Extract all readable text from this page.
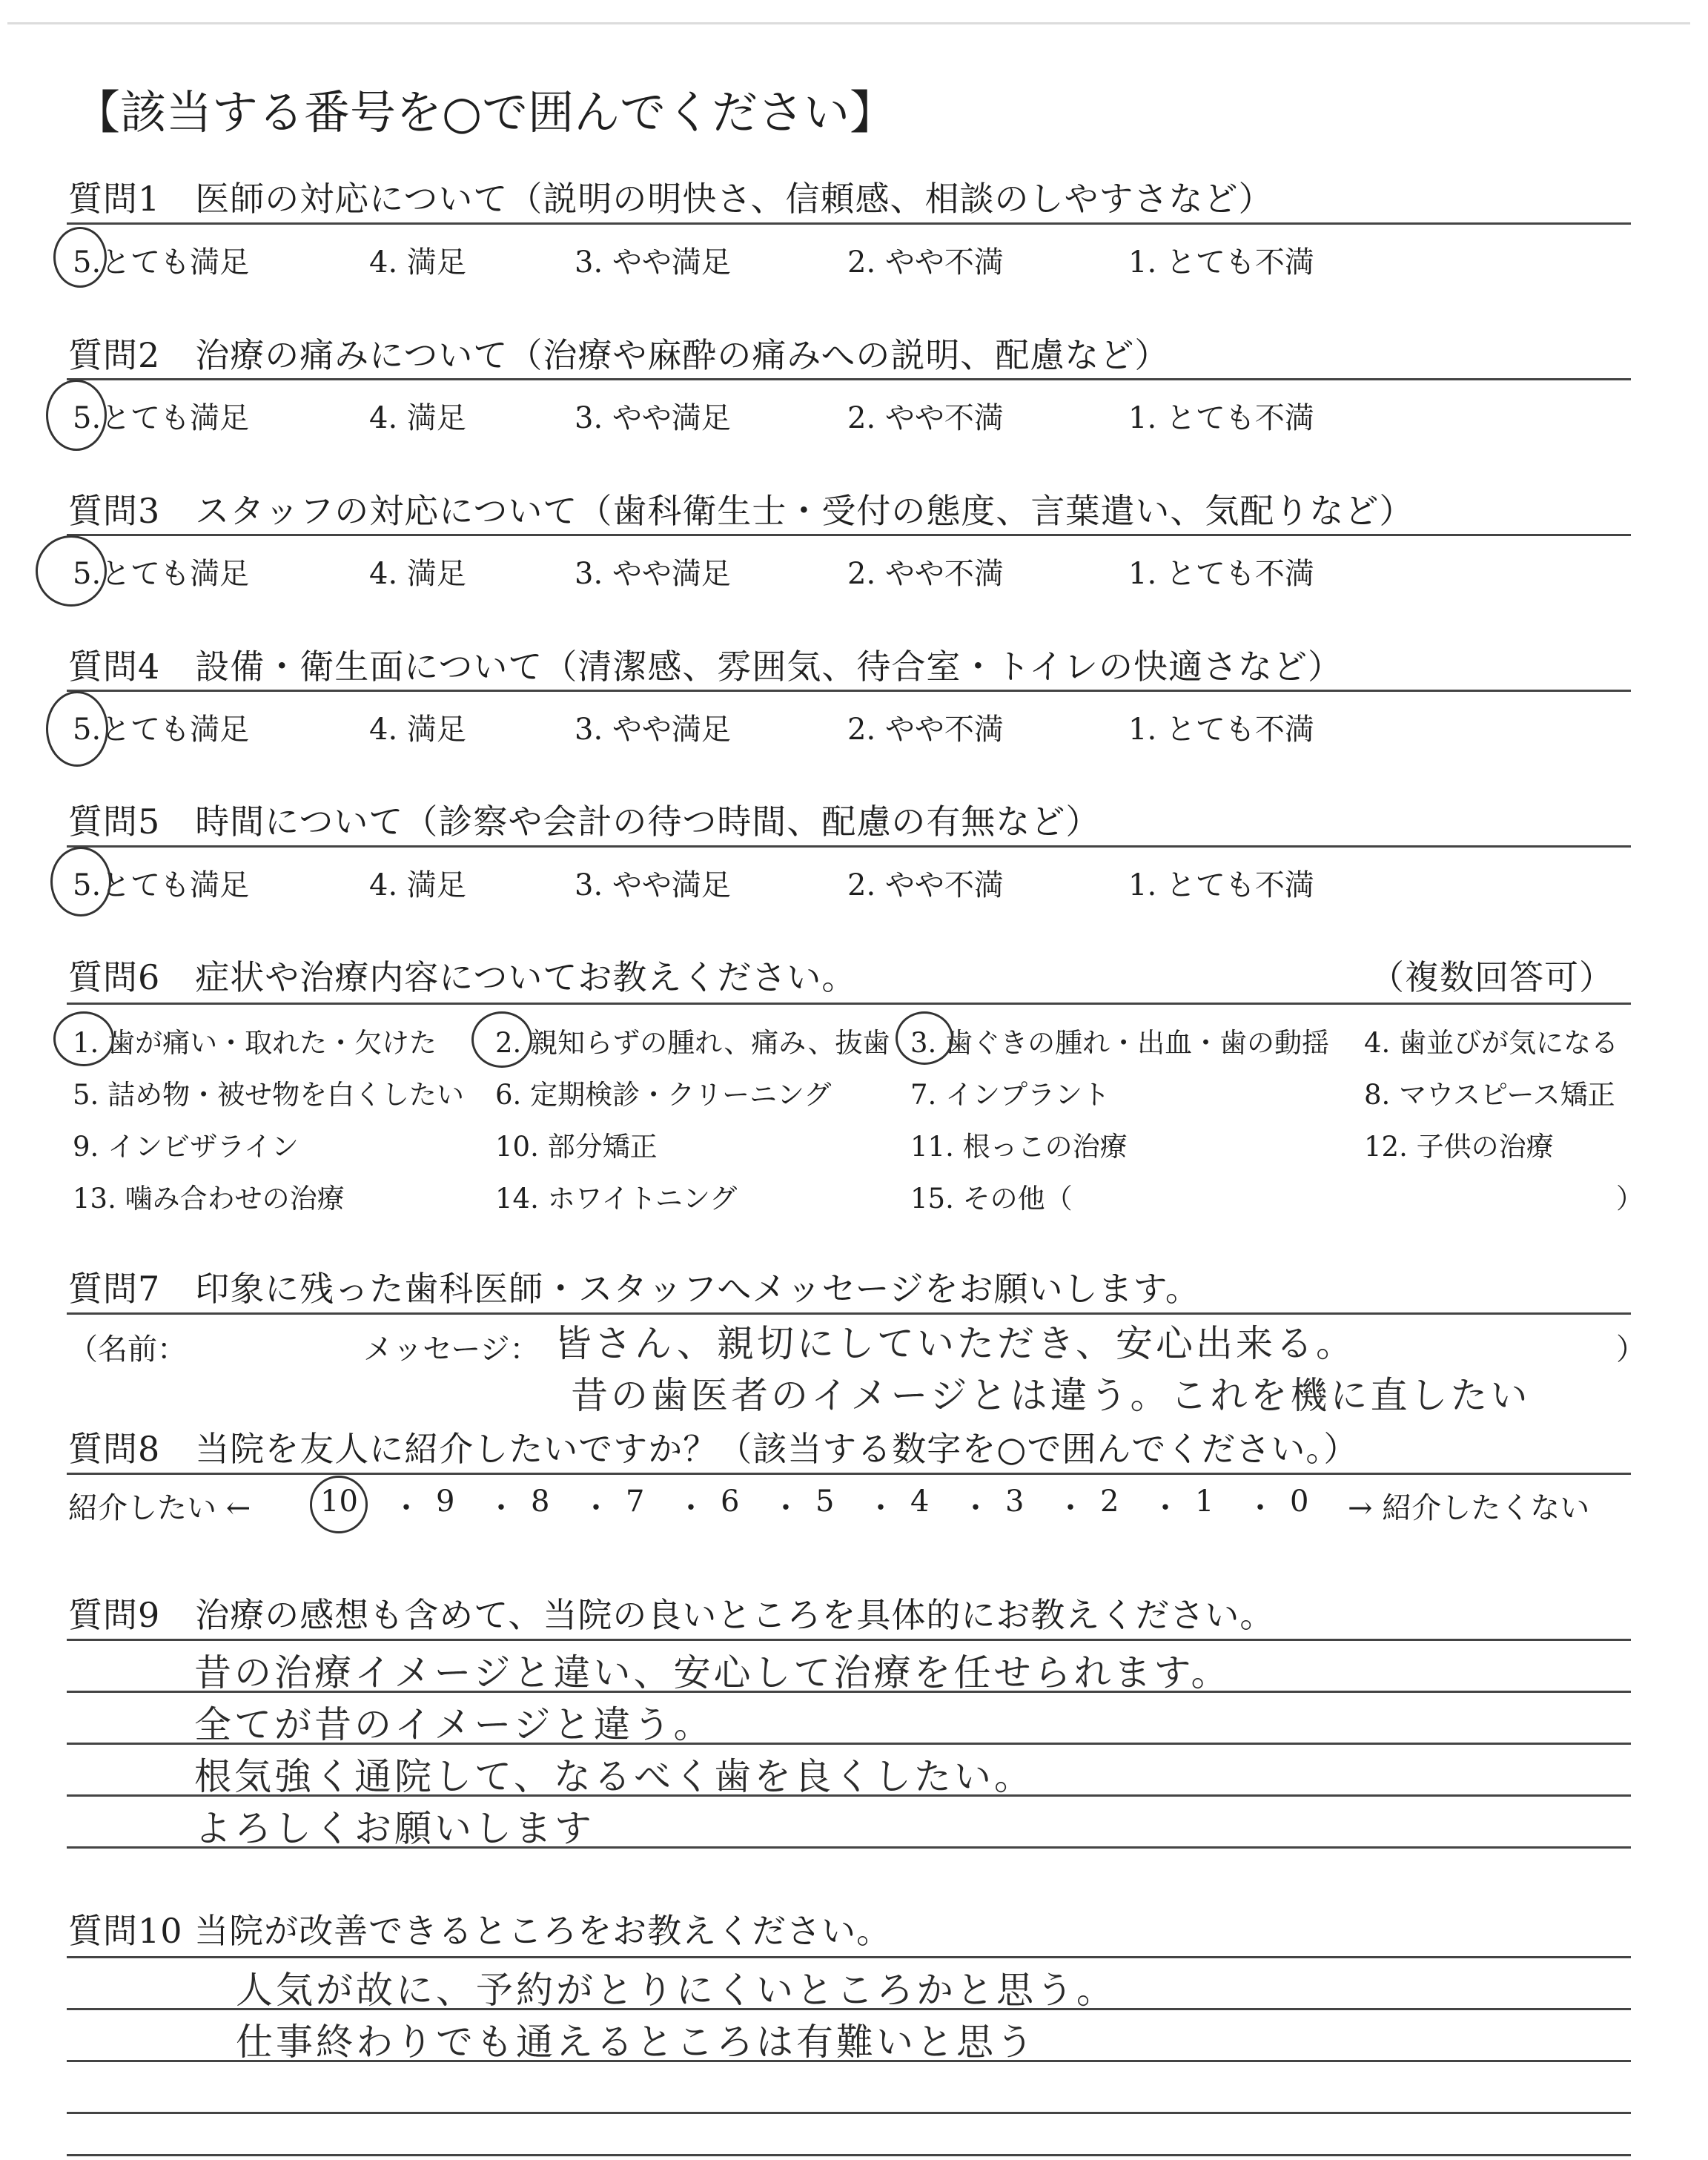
【該当する番号を○で囲んでください】
質問1　医師の対応について（説明の明快さ、信頼感、相談のしやすさなど）
5.とても満足	4. 満足	3. やや満足	2. やや不満	1. とても不満
質問2　治療の痛みについて（治療や麻酔の痛みへの説明、配慮など）
5.とても満足	4. 満足	3. やや満足	2. やや不満	1. とても不満
質問3　スタッフの対応について（歯科衛生士・受付の態度、言葉遣い、気配りなど）
5.とても満足	4. 満足	3. やや満足	2. やや不満	1. とても不満
質問4　設備・衛生面について（清潔感、雰囲気、待合室・トイレの快適さなど）
5.とても満足	4. 満足	3. やや満足	2. やや不満	1. とても不満
質問5　時間について（診察や会計の待つ時間、配慮の有無など）
5.とても満足	4. 満足	3. やや満足	2. やや不満	1. とても不満
質問6　症状や治療内容についてお教えください。	（複数回答可）
1. 歯が痛い・取れた・欠けた 2. 親知らずの腫れ、痛み、抜歯 3. 歯ぐきの腫れ・出血・歯の動揺 4. 歯並びが気になる
5. 詰め物・被せ物を白くしたい 6. 定期検診・クリーニング	7. インプラント	8. マウスピース矯正
9. インビザライン	10. 部分矯正	11. 根っこの治療	12. 子供の治療
13. 噛み合わせの治療	14. ホワイトニング	15. その他（	）
質問7　印象に残った歯科医師・スタッフへメッセージをお願いします。
（名前：	メッセージ：	）
皆さん、親切にしていただき、安心出来る。
昔の歯医者のイメージとは違う。これを機に直したい
質問8　当院を友人に紹介したいですか？（該当する数字を○で囲んでください。）
紹介したい ← 10 ・ 9 ・ 8 ・ 7 ・ 6 ・ 5 ・ 4 ・ 3 ・ 2 ・ 1 ・ 0 → 紹介したくない
質問9　治療の感想も含めて、当院の良いところを具体的にお教えください。
昔の治療イメージと違い、安心して治療を任せられます。
全てが昔のイメージと違う。
根気強く通院して、なるべく歯を良くしたい。
よろしくお願いします
質問10 当院が改善できるところをお教えください。
人気が故に、予約がとりにくいところかと思う。
仕事終わりでも通えるところは有難いと思う
